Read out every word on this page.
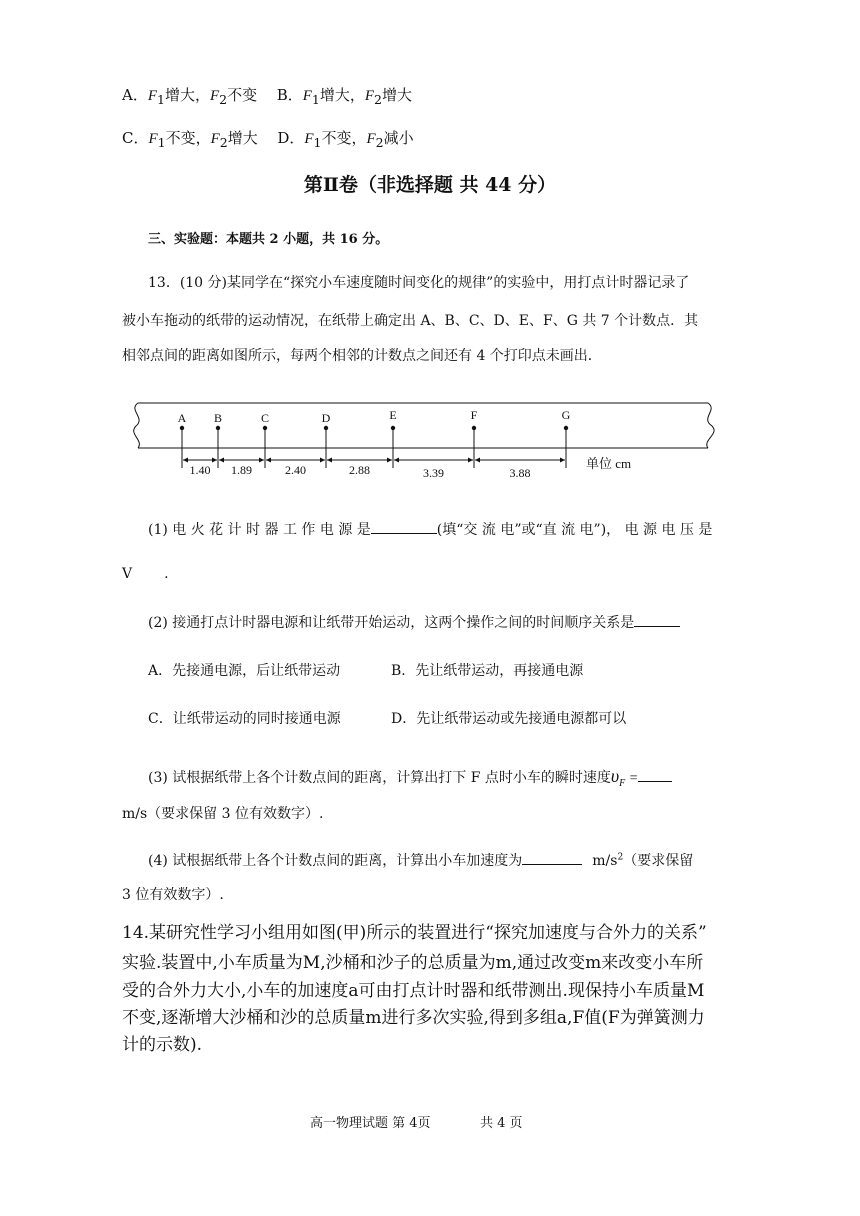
A．$F_1$增大，$F_2$不变 B．$F_1$增大，$F_2$增大
C．$F_1$不变，$F_2$增大 D．$F_1$不变，$F_2$减小
第Ⅱ卷（非选择题 共 44 分）
三、实验题：本题共 2 小题，共 16 分。
13．(10 分)某同学在“探究小车速度随时间变化的规律”的实验中，用打点计时器记录了
被小车拖动的纸带的运动情况，在纸带上确定出 A、B、C、D、E、F、G 共 7 个计数点．其
相邻点间的距离如图所示，每两个相邻的计数点之间还有 4 个打印点未画出．
A B	C	D	E	F	G
1.40 1.89	2.40	2.88	3.39	3.88
单位 cm
(1) 电 火 花 计 时 器 工 作 电 源 是	(填“交 流 电”或“直 流 电”)， 电 源 电 压 是
V .
(2) 接通打点计时器电源和让纸带开始运动，这两个操作之间的时间顺序关系是
A．先接通电源，后让纸带运动	B．先让纸带运动，再接通电源
C．让纸带运动的同时接通电源	D．先让纸带运动或先接通电源都可以
(3) 试根据纸带上各个计数点间的距离，计算出打下 F 点时小车的瞬时速度$\upsilon_F$ =
m/s（要求保留 3 位有效数字）.
(4) 试根据纸带上各个计数点间的距离，计算出小车加速度为	$m/s^2$（要求保留
3 位有效数字）.
14.某研究性学习小组用如图(甲)所示的装置进行“探究加速度与合外力的关系”
实验.装置中,小车质量为M,沙桶和沙子的总质量为m,通过改变m来改变小车所
受的合外力大小,小车的加速度a可由打点计时器和纸带测出.现保持小车质量M
不变,逐渐增大沙桶和沙的总质量m进行多次实验,得到多组a,F值(F为弹簧测力
计的示数).
高一物理试题 第 4页	共 4 页
